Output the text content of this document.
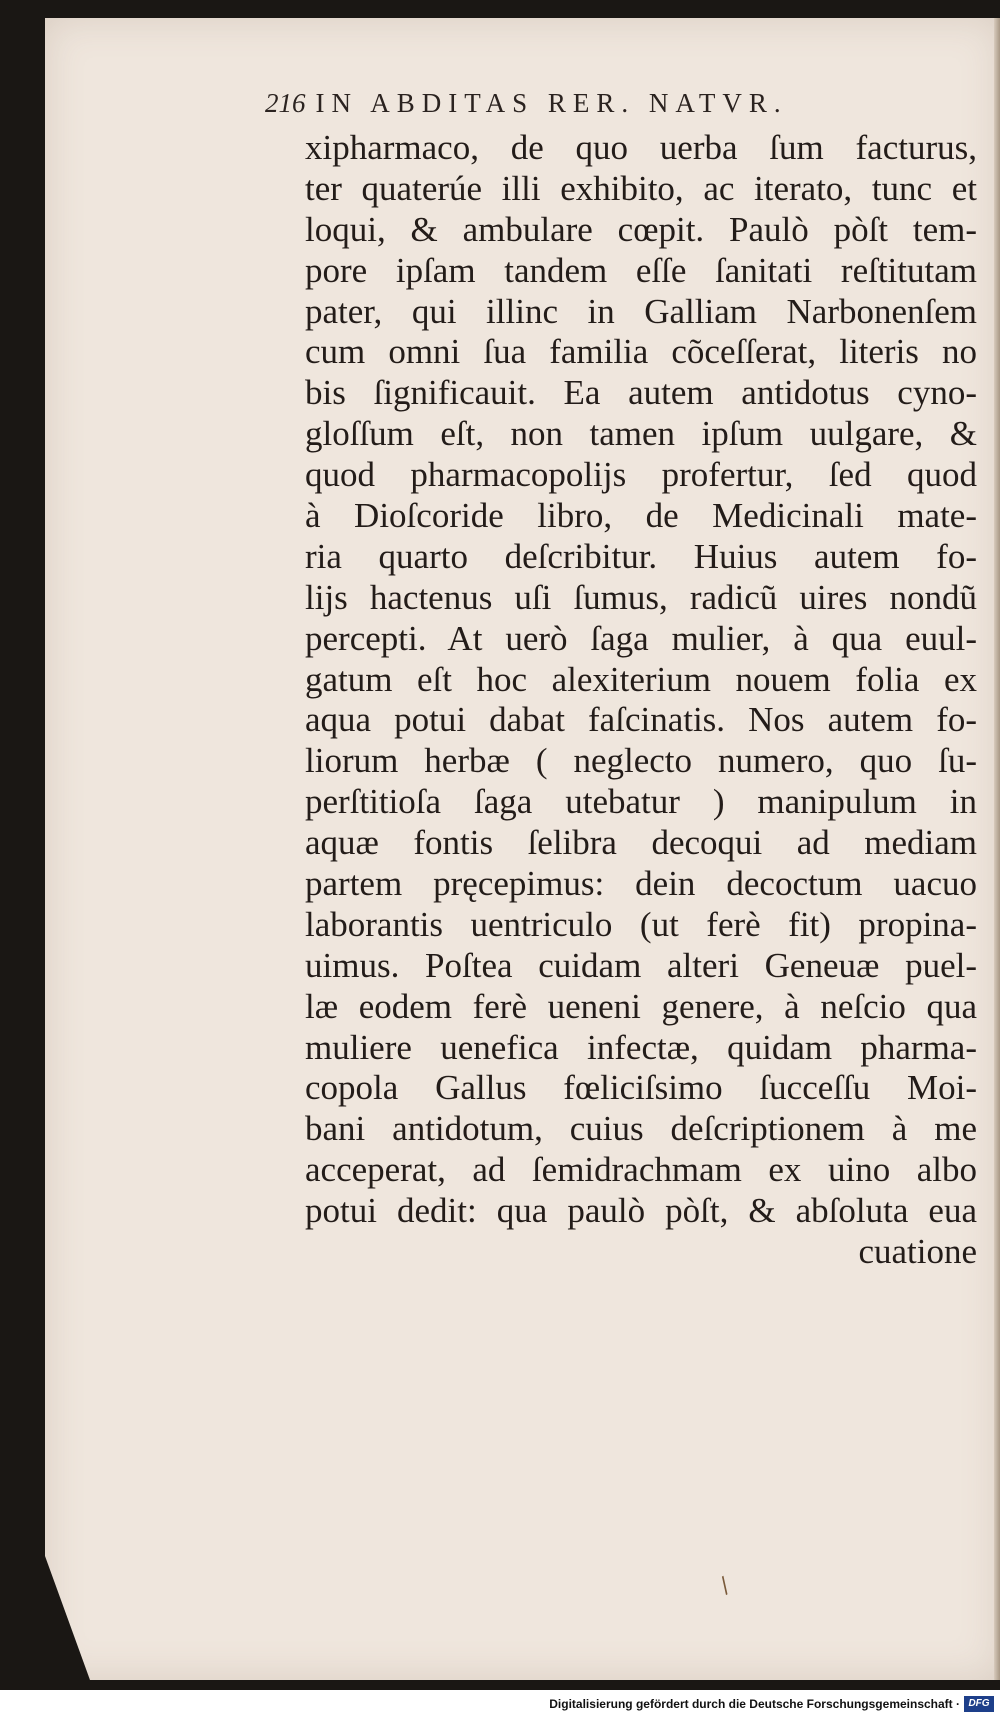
216 IN ABDITAS RER. NATVR.
xipharmaco, de quo uerba ſum facturus,
ter quaterúe illi exhibito, ac iterato, tunc et
loqui, & ambulare cœpit. Paulò pòſt tem-
pore ipſam tandem eſſe ſanitati reſtitutam
pater, qui illinc in Galliam Narbonenſem
cum omni ſua familia cõceſſerat, literis no
bis ſignificauit. Ea autem antidotus cyno-
gloſſum eſt, non tamen ipſum uulgare, &
quod pharmacopolijs profertur, ſed quod
à Dioſcoride libro, de Medicinali mate-
ria quarto deſcribitur. Huius autem fo-
lijs hactenus uſi ſumus, radicũ uires nondũ
percepti. At uerò ſaga mulier, à qua euul-
gatum eſt hoc alexiterium nouem folia ex
aqua potui dabat faſcinatis. Nos autem fo-
liorum herbæ ( neglecto numero, quo ſu-
perſtitioſa ſaga utebatur ) manipulum in
aquæ fontis ſelibra decoqui ad mediam
partem pręcepimus: dein decoctum uacuo
laborantis uentriculo (ut ferè fit) propina-
uimus. Poſtea cuidam alteri Geneuæ puel-
læ eodem ferè ueneni genere, à neſcio qua
muliere uenefica infectæ, quidam pharma-
copola Gallus fœliciſsimo ſucceſſu Moi-
bani antidotum, cuius deſcriptionem à me
acceperat, ad ſemidrachmam ex uino albo
potui dedit: qua paulò pòſt, & abſoluta eua
cuatione
/
Digitalisierung gefördert durch die Deutsche Forschungsgemeinschaft · DFG
